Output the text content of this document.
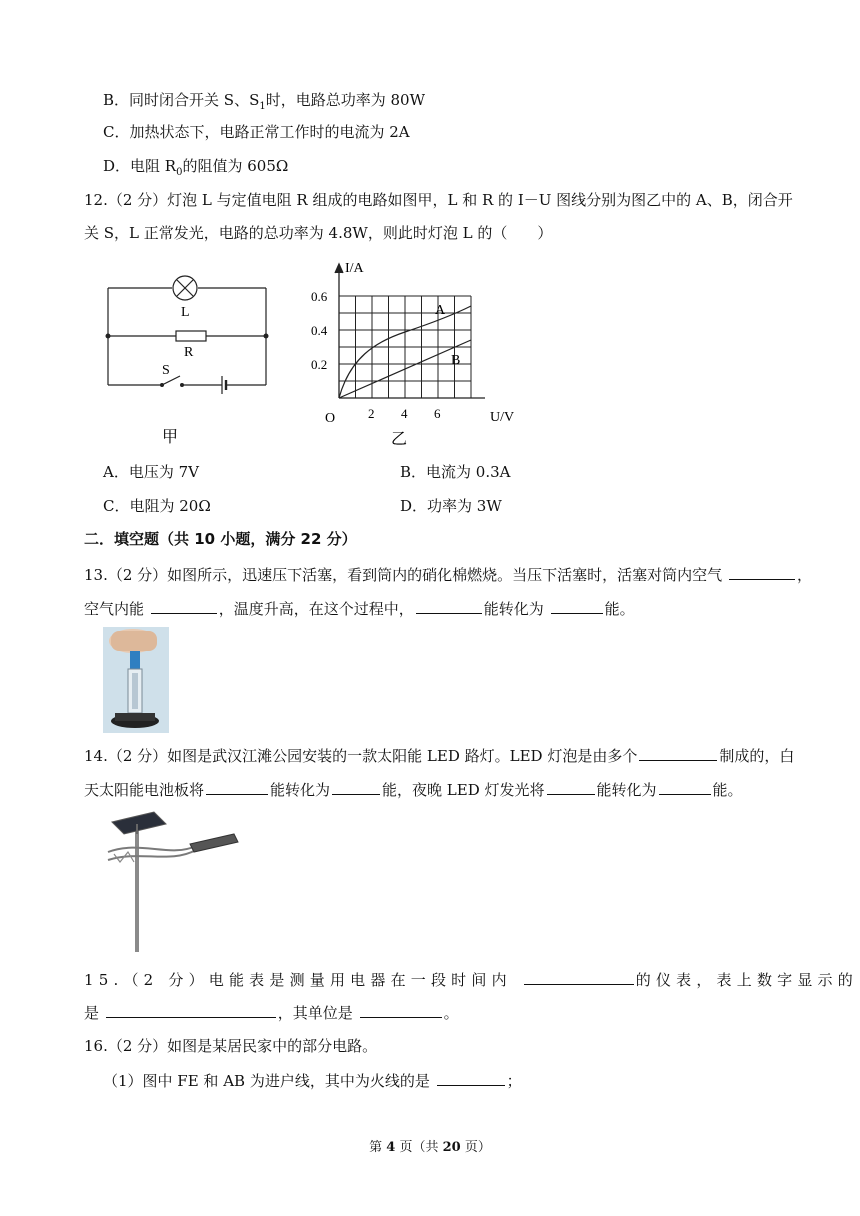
B．同时闭合开关 S、$S_1$时，电路总功率为 80W
C．加热状态下，电路正常工作时的电流为 2A
D．电阻 $R_0$的阻值为 605Ω
12.（2 分）灯泡 L 与定值电阻 R 组成的电路如图甲，L 和 R 的 I－U 图线分别为图乙中的 A、B，闭合开
关 S，L 正常发光，电路的总功率为 4.8W，则此时灯泡 L 的（　　）
L
R
S
甲
I/A
U/V
O
0.6
0.4
0.2
2 4 6
A
B
乙
A．电压为 7V	B．电流为 0.3A
C．电阻为 20Ω	D．功率为 3W
二．填空题（共 10 小题，满分 22 分）
13.（2 分）如图所示，迅速压下活塞，看到筒内的硝化棉燃烧。当压下活塞时，活塞对筒内空气	，
空气内能	，温度升高，在这个过程中，	能转化为	能。
14.（2 分）如图是武汉江滩公园安装的一款太阳能 LED 路灯。LED 灯泡是由多个	制成的，白
天太阳能电池板将	能转化为	能，夜晚 LED 灯发光将	能转化为	能。
15.（2 分）电能表是测量用电器在一段时间内	的仪表，表上数字显示的
是	，其单位是	。
16.（2 分）如图是某居民家中的部分电路。
（1）图中 FE 和 AB 为进户线，其中为火线的是	；
第 4 页（共 20 页）
